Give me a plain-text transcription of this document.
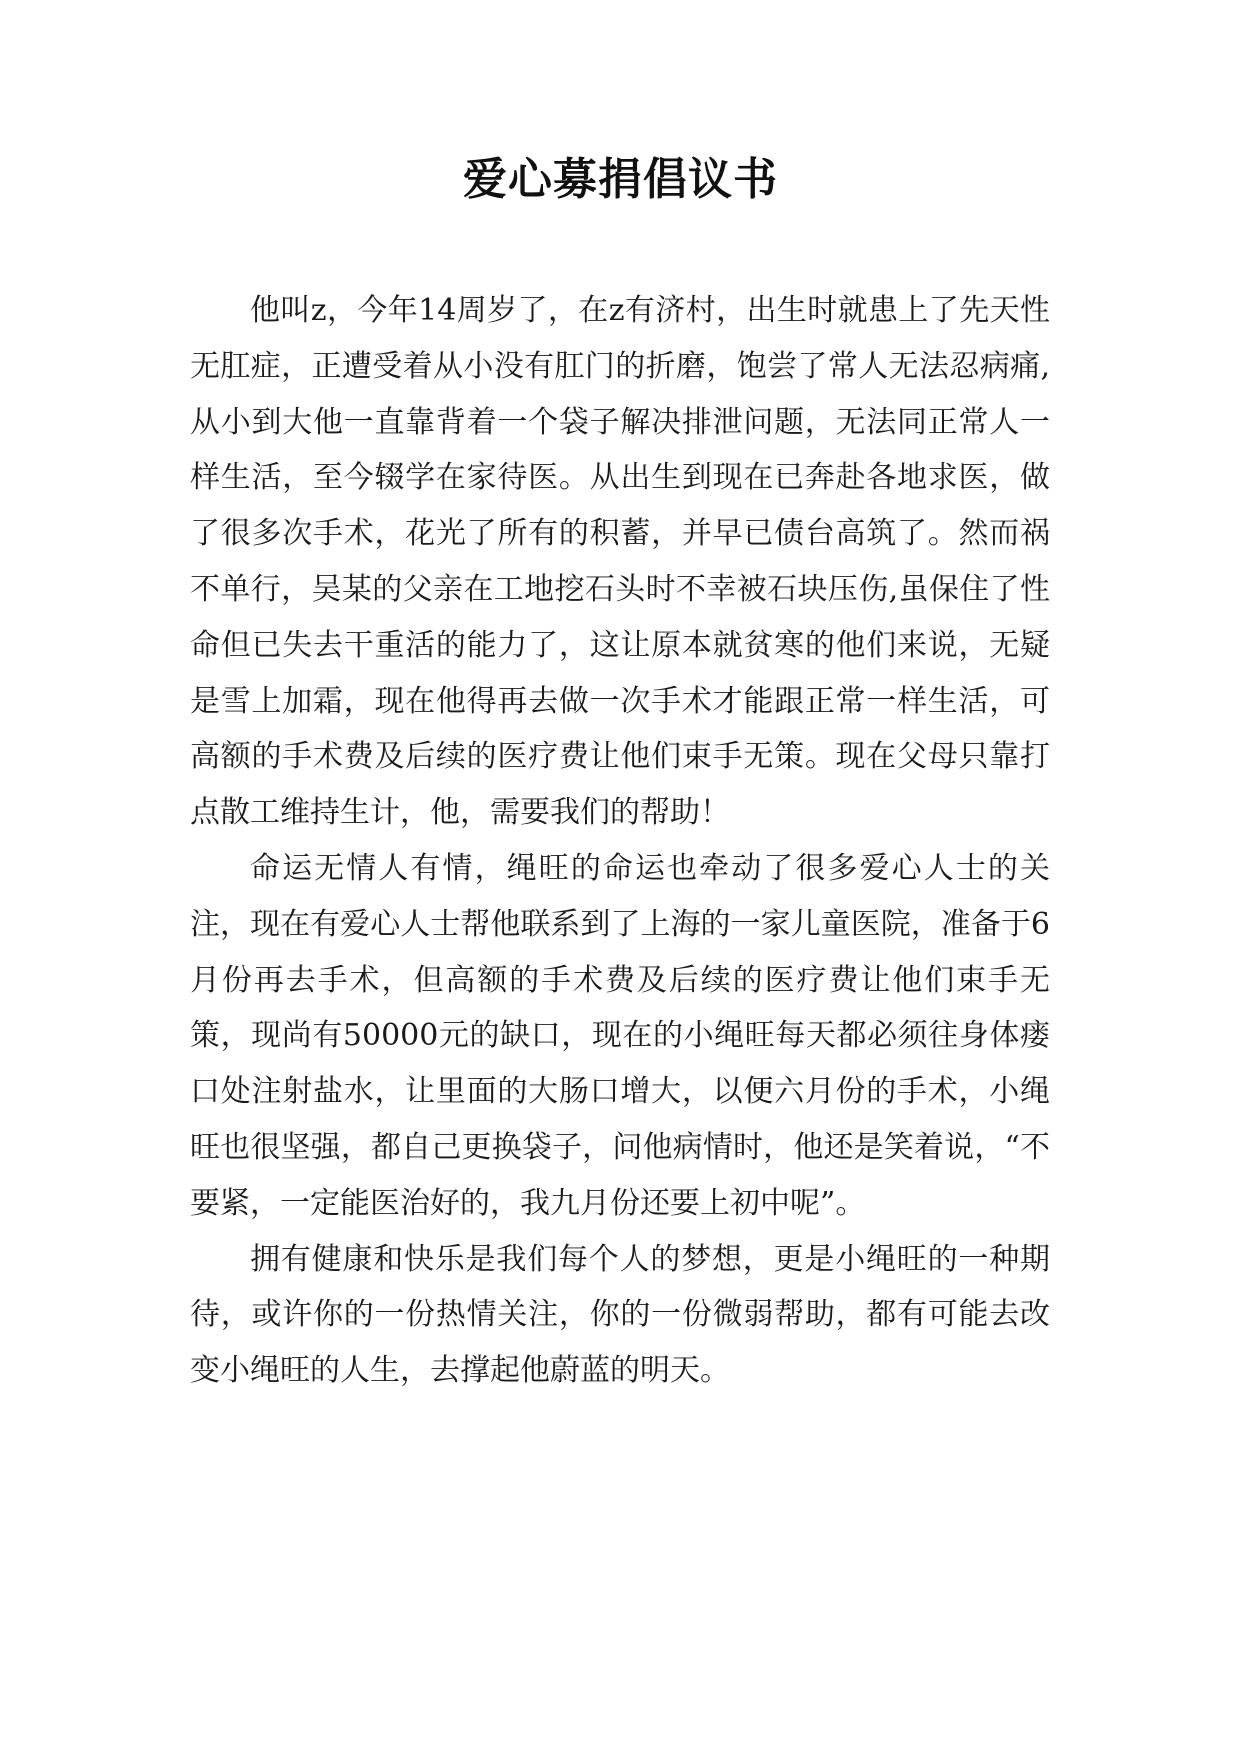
爱心募捐倡议书

他叫z，今年14周岁了，在z有济村，出生时就患上了先天性无肛症，正遭受着从小没有肛门的折磨，饱尝了常人无法忍病痛,从小到大他一直靠背着一个袋子解决排泄问题，无法同正常人一样生活，至今辍学在家待医。从出生到现在已奔赴各地求医，做了很多次手术，花光了所有的积蓄，并早已债台高筑了。然而祸不单行，吴某的父亲在工地挖石头时不幸被石块压伤,虽保住了性命但已失去干重活的能力了，这让原本就贫寒的他们来说，无疑是雪上加霜，现在他得再去做一次手术才能跟正常一样生活，可高额的手术费及后续的医疗费让他们束手无策。现在父母只靠打点散工维持生计，他，需要我们的帮助！

命运无情人有情，绳旺的命运也牵动了很多爱心人士的关注，现在有爱心人士帮他联系到了上海的一家儿童医院，准备于6月份再去手术，但高额的手术费及后续的医疗费让他们束手无策，现尚有50000元的缺口，现在的小绳旺每天都必须往身体瘘口处注射盐水，让里面的大肠口增大，以便六月份的手术，小绳旺也很坚强，都自己更换袋子，问他病情时，他还是笑着说，“不要紧，一定能医治好的，我九月份还要上初中呢”。

拥有健康和快乐是我们每个人的梦想，更是小绳旺的一种期待，或许你的一份热情关注，你的一份微弱帮助，都有可能去改变小绳旺的人生，去撑起他蔚蓝的明天。
